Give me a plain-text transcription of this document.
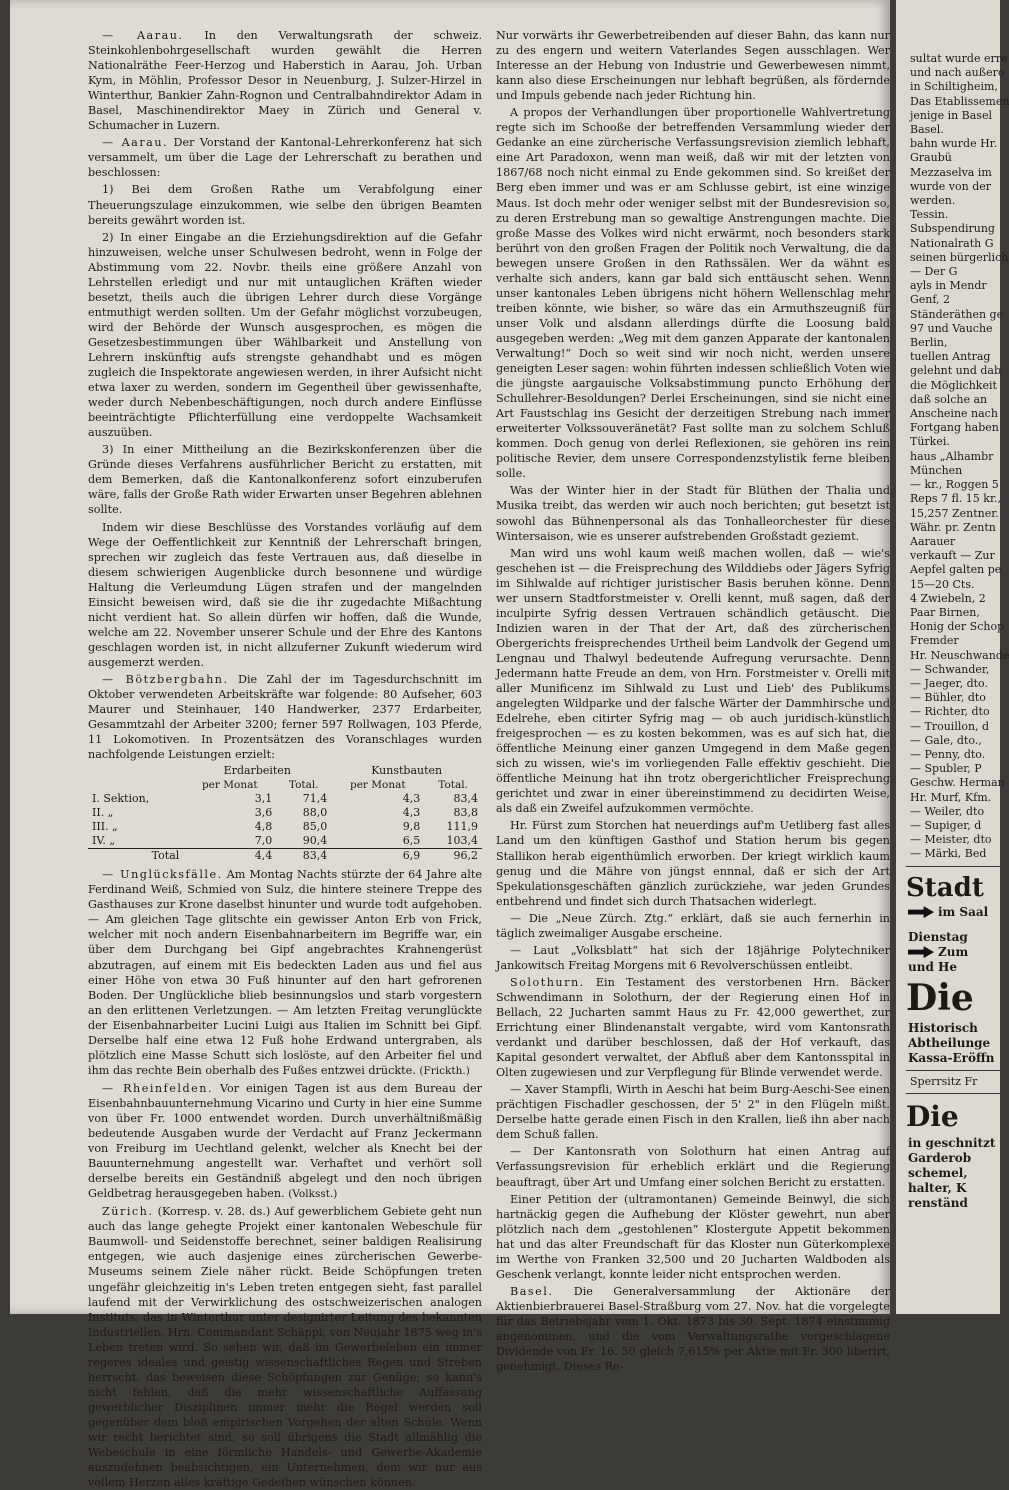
— Aarau. In den Verwaltungsrath der schweiz. Steinkohlenbohrgesellschaft wurden gewählt die Herren Nationalräthe Feer-Herzog und Haberstich in Aarau, Joh. Urban Kym, in Möhlin, Professor Desor in Neuenburg, J. Sulzer-Hirzel in Winterthur, Bankier Zahn-Rognon und Centralbahndirektor Adam in Basel, Maschinendirektor Maey in Zürich und General v. Schumacher in Luzern.

— Aarau. Der Vorstand der Kantonal-Lehrerkonferenz hat sich versammelt, um über die Lage der Lehrerschaft zu berathen und beschlossen:

1) Bei dem Großen Rathe um Verabfolgung einer Theuerungszulage einzukommen, wie selbe den übrigen Beamten bereits gewährt worden ist.

2) In einer Eingabe an die Erziehungsdirektion auf die Gefahr hinzuweisen, welche unser Schulwesen bedroht, wenn in Folge der Abstimmung vom 22. Novbr. theils eine größere Anzahl von Lehrstellen erledigt und nur mit untauglichen Kräften wieder besetzt, theils auch die übrigen Lehrer durch diese Vorgänge entmuthigt werden sollten. Um der Gefahr möglichst vorzubeugen, wird der Behörde der Wunsch ausgesprochen, es mögen die Gesetzesbestimmungen über Wählbarkeit und Anstellung von Lehrern inskünftig aufs strengste gehandhabt und es mögen zugleich die Inspektorate angewiesen werden, in ihrer Aufsicht nicht etwa laxer zu werden, sondern im Gegentheil über gewissenhafte, weder durch Nebenbeschäftigungen, noch durch andere Einflüsse beeinträchtigte Pflichterfüllung eine verdoppelte Wachsamkeit auszuüben.

3) In einer Mittheilung an die Bezirkskonferenzen über die Gründe dieses Verfahrens ausführlicher Bericht zu erstatten, mit dem Bemerken, daß die Kantonalkonferenz sofort einzuberufen wäre, falls der Große Rath wider Erwarten unser Begehren ablehnen sollte.

Indem wir diese Beschlüsse des Vorstandes vorläufig auf dem Wege der Oeffentlichkeit zur Kenntniß der Lehrerschaft bringen, sprechen wir zugleich das feste Vertrauen aus, daß dieselbe in diesem schwierigen Augenblicke durch besonnene und würdige Haltung die Verleumdung Lügen strafen und der mangelnden Einsicht beweisen wird, daß sie die ihr zugedachte Mißachtung nicht verdient hat. So allein dürfen wir hoffen, daß die Wunde, welche am 22. November unserer Schule und der Ehre des Kantons geschlagen worden ist, in nicht allzuferner Zukunft wiederum wird ausgemerzt werden.

— Bötzbergbahn. Die Zahl der im Tagesdurchschnitt im Oktober verwendeten Arbeitskräfte war folgende: 80 Aufseher, 603 Maurer und Steinhauer, 140 Handwerker, 2377 Erdarbeiter, Gesammtzahl der Arbeiter 3200; ferner 597 Rollwagen, 103 Pferde, 11 Lokomotiven. In Prozentsätzen des Voranschlages wurden nachfolgende Leistungen erzielt:

	Erdarbeiten		Kunstbauten	
	per Monat	Total.	per Monat	Total.
I. Sektion,	3,1	71,4	4,3	83,4
II. „	3,6	88,0	4,3	83,8
III. „	4,8	85,0	9,8	111,9
IV. „	7,0	90,4	6,5	103,4
Total	4,4	83,4	6,9	96,2

— Unglücksfälle. Am Montag Nachts stürzte der 64 Jahre alte Ferdinand Weiß, Schmied von Sulz, die hintere steinere Treppe des Gasthauses zur Krone daselbst hinunter und wurde todt aufgehoben. — Am gleichen Tage glitschte ein gewisser Anton Erb von Frick, welcher mit noch andern Eisenbahnarbeitern im Begriffe war, ein über dem Durchgang bei Gipf angebrachtes Krahnengerüst abzutragen, auf einem mit Eis bedeckten Laden aus und fiel aus einer Höhe von etwa 30 Fuß hinunter auf den hart gefrorenen Boden. Der Unglückliche blieb besinnungslos und starb vorgestern an den erlittenen Verletzungen. — Am letzten Freitag verunglückte der Eisenbahnarbeiter Lucini Luigi aus Italien im Schnitt bei Gipf. Derselbe half eine etwa 12 Fuß hohe Erdwand untergraben, als plötzlich eine Masse Schutt sich loslöste, auf den Arbeiter fiel und ihm das rechte Bein oberhalb des Fußes entzwei drückte. (Frickth.)

— Rheinfelden. Vor einigen Tagen ist aus dem Bureau der Eisenbahnbauunternehmung Vicarino und Curty in hier eine Summe von über Fr. 1000 entwendet worden. Durch unverhältnißmäßig bedeutende Ausgaben wurde der Verdacht auf Franz Jeckermann von Freiburg im Uechtland gelenkt, welcher als Knecht bei der Bauunternehmung angestellt war. Verhaftet und verhört soll derselbe bereits ein Geständniß abgelegt und den noch übrigen Geldbetrag herausgegeben haben. (Volksst.)

Zürich. (Korresp. v. 28. ds.) Auf gewerblichem Gebiete geht nun auch das lange gehegte Projekt einer kantonalen Webeschule für Baumwoll- und Seidenstoffe berechnet, seiner baldigen Realisirung entgegen, wie auch dasjenige eines zürcherischen Gewerbe-Museums seinem Ziele näher rückt. Beide Schöpfungen treten ungefähr gleichzeitig in's Leben treten entgegen sieht, fast parallel laufend mit der Verwirklichung des ostschweizerischen analogen Instituts, das in Winterthur unter designirter Leitung des bekannten Industriellen, Hrn. Commandant Schäppi, von Neujahr 1875 weg in's Leben treten wird. So sehen wir, daß im Gewerbeleben ein immer regeres ideales und geistig wissenschaftliches Regen und Streben herrscht, das beweisen diese Schöpfungen zur Genüge; so kann's nicht fehlen, daß die mehr wissenschaftliche Auffassung gewerblicher Disziplinen immer mehr die Regel werden soll gegenüber dem bloß empirischen Vorgehen der alten Schule. Wenn wir recht berichtet sind, so soll übrigens die Stadt allmählig die Webeschule in eine förmliche Handels- und Gewerbe-Akademie auszudehnen beabsichtigen, ein Unternehmen, dem wir nur aus vollem Herzen alles kräftige Gedeihen wünschen können.

Nur vorwärts ihr Gewerbetreibenden auf dieser Bahn, das kann nur zu des engern und weitern Vaterlandes Segen ausschlagen. Wer Interesse an der Hebung von Industrie und Gewerbewesen nimmt, kann also diese Erscheinungen nur lebhaft begrüßen, als fördernde und Impuls gebende nach jeder Richtung hin.

A propos der Verhandlungen über proportionelle Wahlvertretung regte sich im Schooße der betreffenden Versammlung wieder der Gedanke an eine zürcherische Verfassungsrevision ziemlich lebhaft, eine Art Paradoxon, wenn man weiß, daß wir mit der letzten von 1867/68 noch nicht einmal zu Ende gekommen sind. So kreißet der Berg eben immer und was er am Schlusse gebirt, ist eine winzige Maus. Ist doch mehr oder weniger selbst mit der Bundesrevision so, zu deren Erstrebung man so gewaltige Anstrengungen machte. Die große Masse des Volkes wird nicht erwärmt, noch besonders stark berührt von den großen Fragen der Politik noch Verwaltung, die da bewegen unsere Großen in den Rathssälen. Wer da wähnt es verhalte sich anders, kann gar bald sich enttäuscht sehen. Wenn unser kantonales Leben übrigens nicht höhern Wellenschlag mehr treiben könnte, wie bisher, so wäre das ein Armuthszeugniß für unser Volk und alsdann allerdings dürfte die Loosung bald ausgegeben werden: „Weg mit dem ganzen Apparate der kantonalen Verwaltung!“ Doch so weit sind wir noch nicht, werden unsere geneigten Leser sagen: wohin führten indessen schließlich Voten wie die jüngste aargauische Volksabstimmung puncto Erhöhung der Schullehrer-Besoldungen? Derlei Erscheinungen, sind sie nicht eine Art Faustschlag ins Gesicht der derzeitigen Strebung nach immer erweiterter Volkssouveränetät? Fast sollte man zu solchem Schluß kommen. Doch genug von derlei Reflexionen, sie gehören ins rein politische Revier, dem unsere Correspondenzstylistik ferne bleiben solle.

Was der Winter hier in der Stadt für Blüthen der Thalia und Musika treibt, das werden wir auch noch berichten; gut besetzt ist sowohl das Bühnenpersonal als das Tonhalleorchester für diese Wintersaison, wie es unserer aufstrebenden Großstadt geziemt.

Man wird uns wohl kaum weiß machen wollen, daß — wie's geschehen ist — die Freisprechung des Wilddiebs oder Jägers Syfrig im Sihlwalde auf richtiger juristischer Basis beruhen könne. Denn wer unsern Stadtforstmeister v. Orelli kennt, muß sagen, daß der inculpirte Syfrig dessen Vertrauen schändlich getäuscht. Die Indizien waren in der That der Art, daß des zürcherischen Obergerichts freisprechendes Urtheil beim Landvolk der Gegend um Lengnau und Thalwyl bedeutende Aufregung verursachte. Denn Jedermann hatte Freude an dem, von Hrn. Forstmeister v. Orelli mit aller Munificenz im Sihlwald zu Lust und Lieb' des Publikums angelegten Wildparke und der falsche Wärter der Dammhirsche und Edelrehe, eben citirter Syfrig mag — ob auch juridisch-künstlich freigesprochen — es zu kosten bekommen, was es auf sich hat, die öffentliche Meinung einer ganzen Umgegend in dem Maße gegen sich zu wissen, wie's im vorliegenden Falle effektiv geschieht. Die öffentliche Meinung hat ihn trotz obergerichtlicher Freisprechung gerichtet und zwar in einer übereinstimmend zu decidirten Weise, als daß ein Zweifel aufzukommen vermöchte.

Hr. Fürst zum Storchen hat neuerdings auf'm Uetliberg fast alles Land um den künftigen Gasthof und Station herum bis gegen Stallikon herab eigenthümlich erworben. Der kriegt wirklich kaum genug und die Mähre von jüngst ennnal, daß er sich der Art Spekulationsgeschäften gänzlich zurückziehe, war jeden Grundes entbehrend und findet sich durch Thatsachen widerlegt.

— Die „Neue Zürch. Ztg.“ erklärt, daß sie auch fernerhin in täglich zweimaliger Ausgabe erscheine.

— Laut „Volksblatt“ hat sich der 18jährige Polytechniker Jankowitsch Freitag Morgens mit 6 Revolverschüssen entleibt.

Solothurn. Ein Testament des verstorbenen Hrn. Bäcker Schwendimann in Solothurn, der der Regierung einen Hof in Bellach, 22 Jucharten sammt Haus zu Fr. 42,000 gewerthet, zur Errichtung einer Blindenanstalt vergabte, wird vom Kantonsrath verdankt und darüber beschlossen, daß der Hof verkauft, das Kapital gesondert verwaltet, der Abfluß aber dem Kantonsspital in Olten zugewiesen und zur Verpflegung für Blinde verwendet werde.

— Xaver Stampfli, Wirth in Aeschi hat beim Burg-Aeschi-See einen prächtigen Fischadler geschossen, der 5' 2" in den Flügeln mißt. Derselbe hatte gerade einen Fisch in den Krallen, ließ ihn aber nach dem Schuß fallen.

— Der Kantonsrath von Solothurn hat einen Antrag auf Verfassungsrevision für erheblich erklärt und die Regierung beauftragt, über Art und Umfang einer solchen Bericht zu erstatten.

Einer Petition der (ultramontanen) Gemeinde Beinwyl, die sich hartnäckig gegen die Aufhebung der Klöster gewehrt, nun aber plötzlich nach dem „gestohlenen“ Klostergute Appetit bekommen hat und das alter Freundschaft für das Kloster nun Güterkomplexe im Werthe von Franken 32,500 und 20 Jucharten Waldboden als Geschenk verlangt, konnte leider nicht entsprochen werden.

Basel. Die Generalversammlung der Aktionäre der Aktienbierbrauerei Basel-Straßburg vom 27. Nov. hat die vorgelegte für das Betriebsjahr vom 1. Okt. 1873 bis 30. Sept. 1874 einstimmig angenommen, und die vom Verwaltungsrathe vorgeschlagene Dividende von Fr. 16. 50 gleich 7,615% per Aktie mit Fr. 300 liberirt, genehmigt. Dieses Re-

sultat wurde erre
und nach außero
in Schiltigheim,
Das Etablissemen
jenige in Basel
Basel.
bahn wurde Hr.
Graubü
Mezzaselva im
wurde von der
werden.
Tessin.
Subspendirung
Nationalrath G
seinen bürgerlich
— Der G
ayls in Mendr
Genf, 2
Ständeräthen ge
97 und Vauche
Berlin,
tuellen Antrag
gelehnt und dab
die Möglichkeit
daß solche an
Anscheine nach
Fortgang haben
Türkei.
haus „Alhambr
München
— kr., Roggen 5
Reps 7 fl. 15 kr.,
15,257 Zentner.
Währ. pr. Zentn
Aarauer
verkauft — Zur
Aepfel galten pe
15—20 Cts.
4 Zwiebeln, 2
Paar Birnen,
Honig der Schop
Fremder
Hr. Neuschwande
— Schwander,
— Jaeger, dto.
— Bühler, dto
— Richter, dto
— Trouillon, d
— Gale, dto.,
— Penny, dto.
— Spubler, P
Geschw. Herman
Hr. Murf, Kfm.
— Weiler, dto
— Supiger, d
— Meister, dto
— Märki, Bed
Stadt
im Saal
Dienstag
Zum
und He
Die
Historisch
Abtheilunge
Kassa-Eröffn
Sperrsitz Fr
Die
in geschnitzt
Garderob
schemel,
halter, K
renständ
